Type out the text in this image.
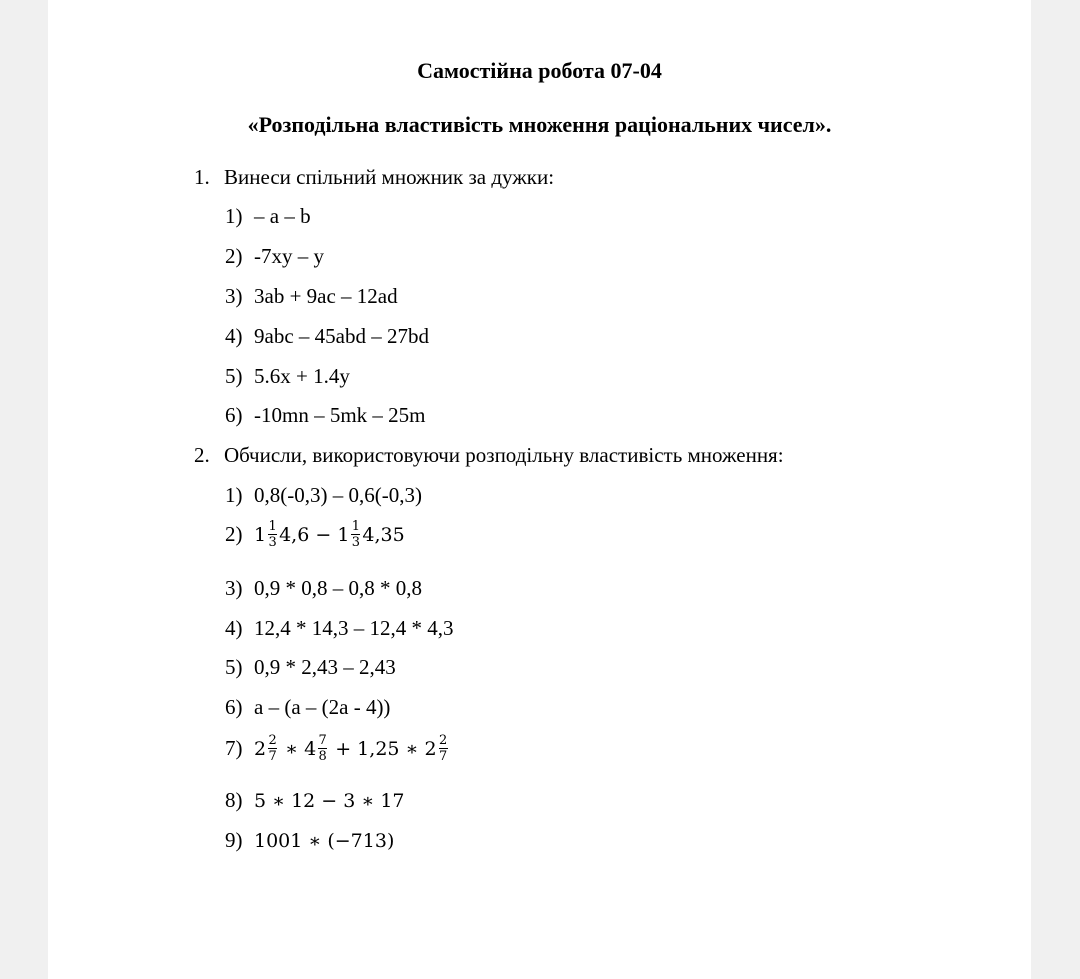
Самостійна робота 07-04
«Розподільна властивість множення раціональних чисел».
1. Винеси спільний множник за дужки:
1) – a – b
2) -7xy – y
3) 3ab + 9ac – 12ad
4) 9abc – 45abd – 27bd
5) 5.6x + 1.4y
6) -10mn – 5mk – 25m
2. Обчисли, використовуючи розподільну властивість множення:
1) 0,8(-0,3) – 0,6(-0,3)
2) $1 \frac{1}{3} 4,6 - 1 \frac{1}{3} 4,35$
3) 0,9 * 0,8 – 0,8 * 0,8
4) 12,4 * 14,3 – 12,4 * 4,3
5) 0,9 * 2,43 – 2,43
6) a – (a – (2a - 4))
7) $2 \frac{2}{7}$ ∗ $4 \frac{7}{8} + 1,25$ ∗ $2 \frac{2}{7}$
8) 5 ∗ 12 − 3 ∗ 17
9) 1001 ∗ (−713)
